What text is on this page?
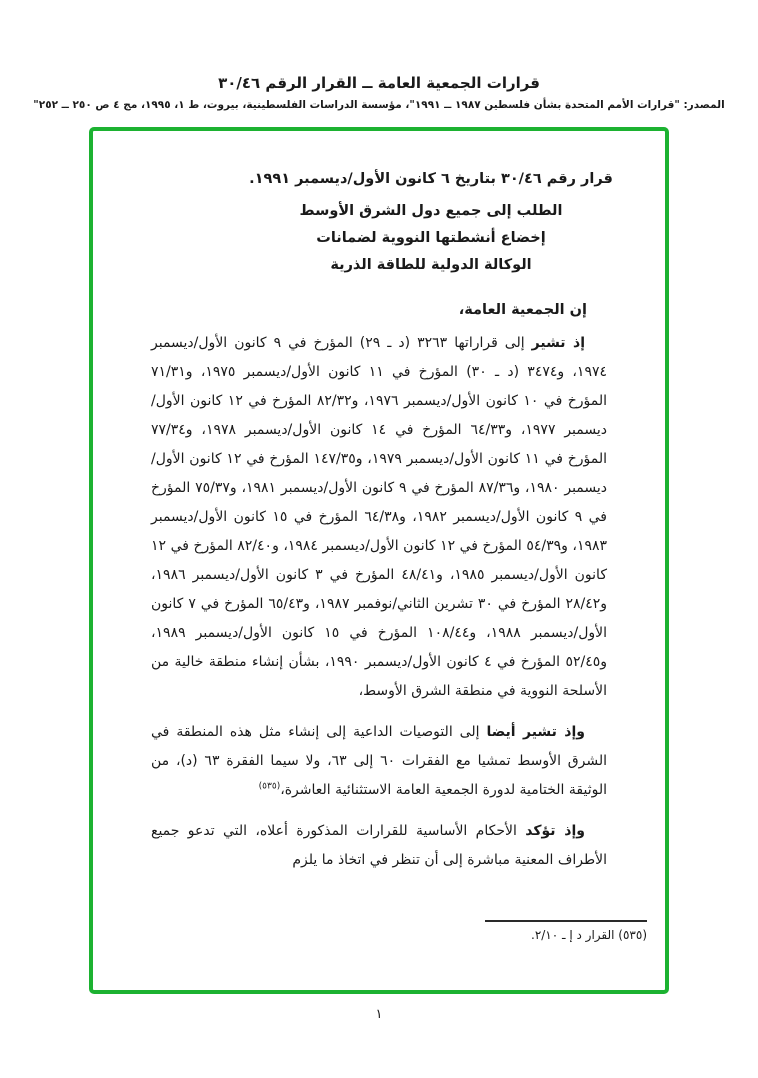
قرارات الجمعية العامة ــ القرار الرقم ٣٠/٤٦
المصدر: "قرارات الأمم المتحدة بشأن فلسطين ١٩٨٧ ــ ١٩٩١"، مؤسسة الدراسات الفلسطينية، بيروت، ط ١، ١٩٩٥، مج ٤ ص ٢٥٠ ــ ٢٥٢"
قرار رقم ٣٠/٤٦ بتاريخ ٦ كانون الأول/ديسمبر ١٩٩١.
الطلب إلى جميع دول الشرق الأوسط
إخضاع أنشطتها النووية لضمانات
الوكالة الدولية للطاقة الذرية
إن الجمعية العامة،

إذ تشير إلى قراراتها ٣٢٦٣ (د ـ ٢٩) المؤرخ في ٩ كانون الأول/ديسمبر ١٩٧٤، و٣٤٧٤ (د ـ ٣٠) المؤرخ في ١١ كانون الأول/ديسمبر ١٩٧٥، و٧١/٣١ المؤرخ في ١٠ كانون الأول/ديسمبر ١٩٧٦، و٨٢/٣٢ المؤرخ في ١٢ كانون الأول/ديسمبر ١٩٧٧، و٦٤/٣٣ المؤرخ في ١٤ كانون الأول/ديسمبر ١٩٧٨، و٧٧/٣٤ المؤرخ في ١١ كانون الأول/ديسمبر ١٩٧٩، و١٤٧/٣٥ المؤرخ في ١٢ كانون الأول/ديسمبر ١٩٨٠، و٨٧/٣٦ المؤرخ في ٩ كانون الأول/ديسمبر ١٩٨١، و٧٥/٣٧ المؤرخ في ٩ كانون الأول/ديسمبر ١٩٨٢، و٦٤/٣٨ المؤرخ في ١٥ كانون الأول/ديسمبر ١٩٨٣، و٥٤/٣٩ المؤرخ في ١٢ كانون الأول/ديسمبر ١٩٨٤، و٨٢/٤٠ المؤرخ في ١٢ كانون الأول/ديسمبر ١٩٨٥، و٤٨/٤١ المؤرخ في ٣ كانون الأول/ديسمبر ١٩٨٦، و٢٨/٤٢ المؤرخ في ٣٠ تشرين الثاني/نوفمبر ١٩٨٧، و٦٥/٤٣ المؤرخ في ٧ كانون الأول/ديسمبر ١٩٨٨، و١٠٨/٤٤ المؤرخ في ١٥ كانون الأول/ديسمبر ١٩٨٩، و٥٢/٤٥ المؤرخ في ٤ كانون الأول/ديسمبر ١٩٩٠، بشأن إنشاء منطقة خالية من الأسلحة النووية في منطقة الشرق الأوسط،

وإذ تشير أيضا إلى التوصيات الداعية إلى إنشاء مثل هذه المنطقة في الشرق الأوسط تمشيا مع الفقرات ٦٠ إلى ٦٣، ولا سيما الفقرة ٦٣ (د)، من الوثيقة الختامية لدورة الجمعية العامة الاستثنائية العاشرة،$^{(٥٣٥)}$

وإذ تؤكد الأحكام الأساسية للقرارات المذكورة أعلاه، التي تدعو جميع الأطراف المعنية مباشرة إلى أن تنظر في اتخاذ ما يلزم

(٥٣٥) القرار د إ ـ ٢/١٠.
١
